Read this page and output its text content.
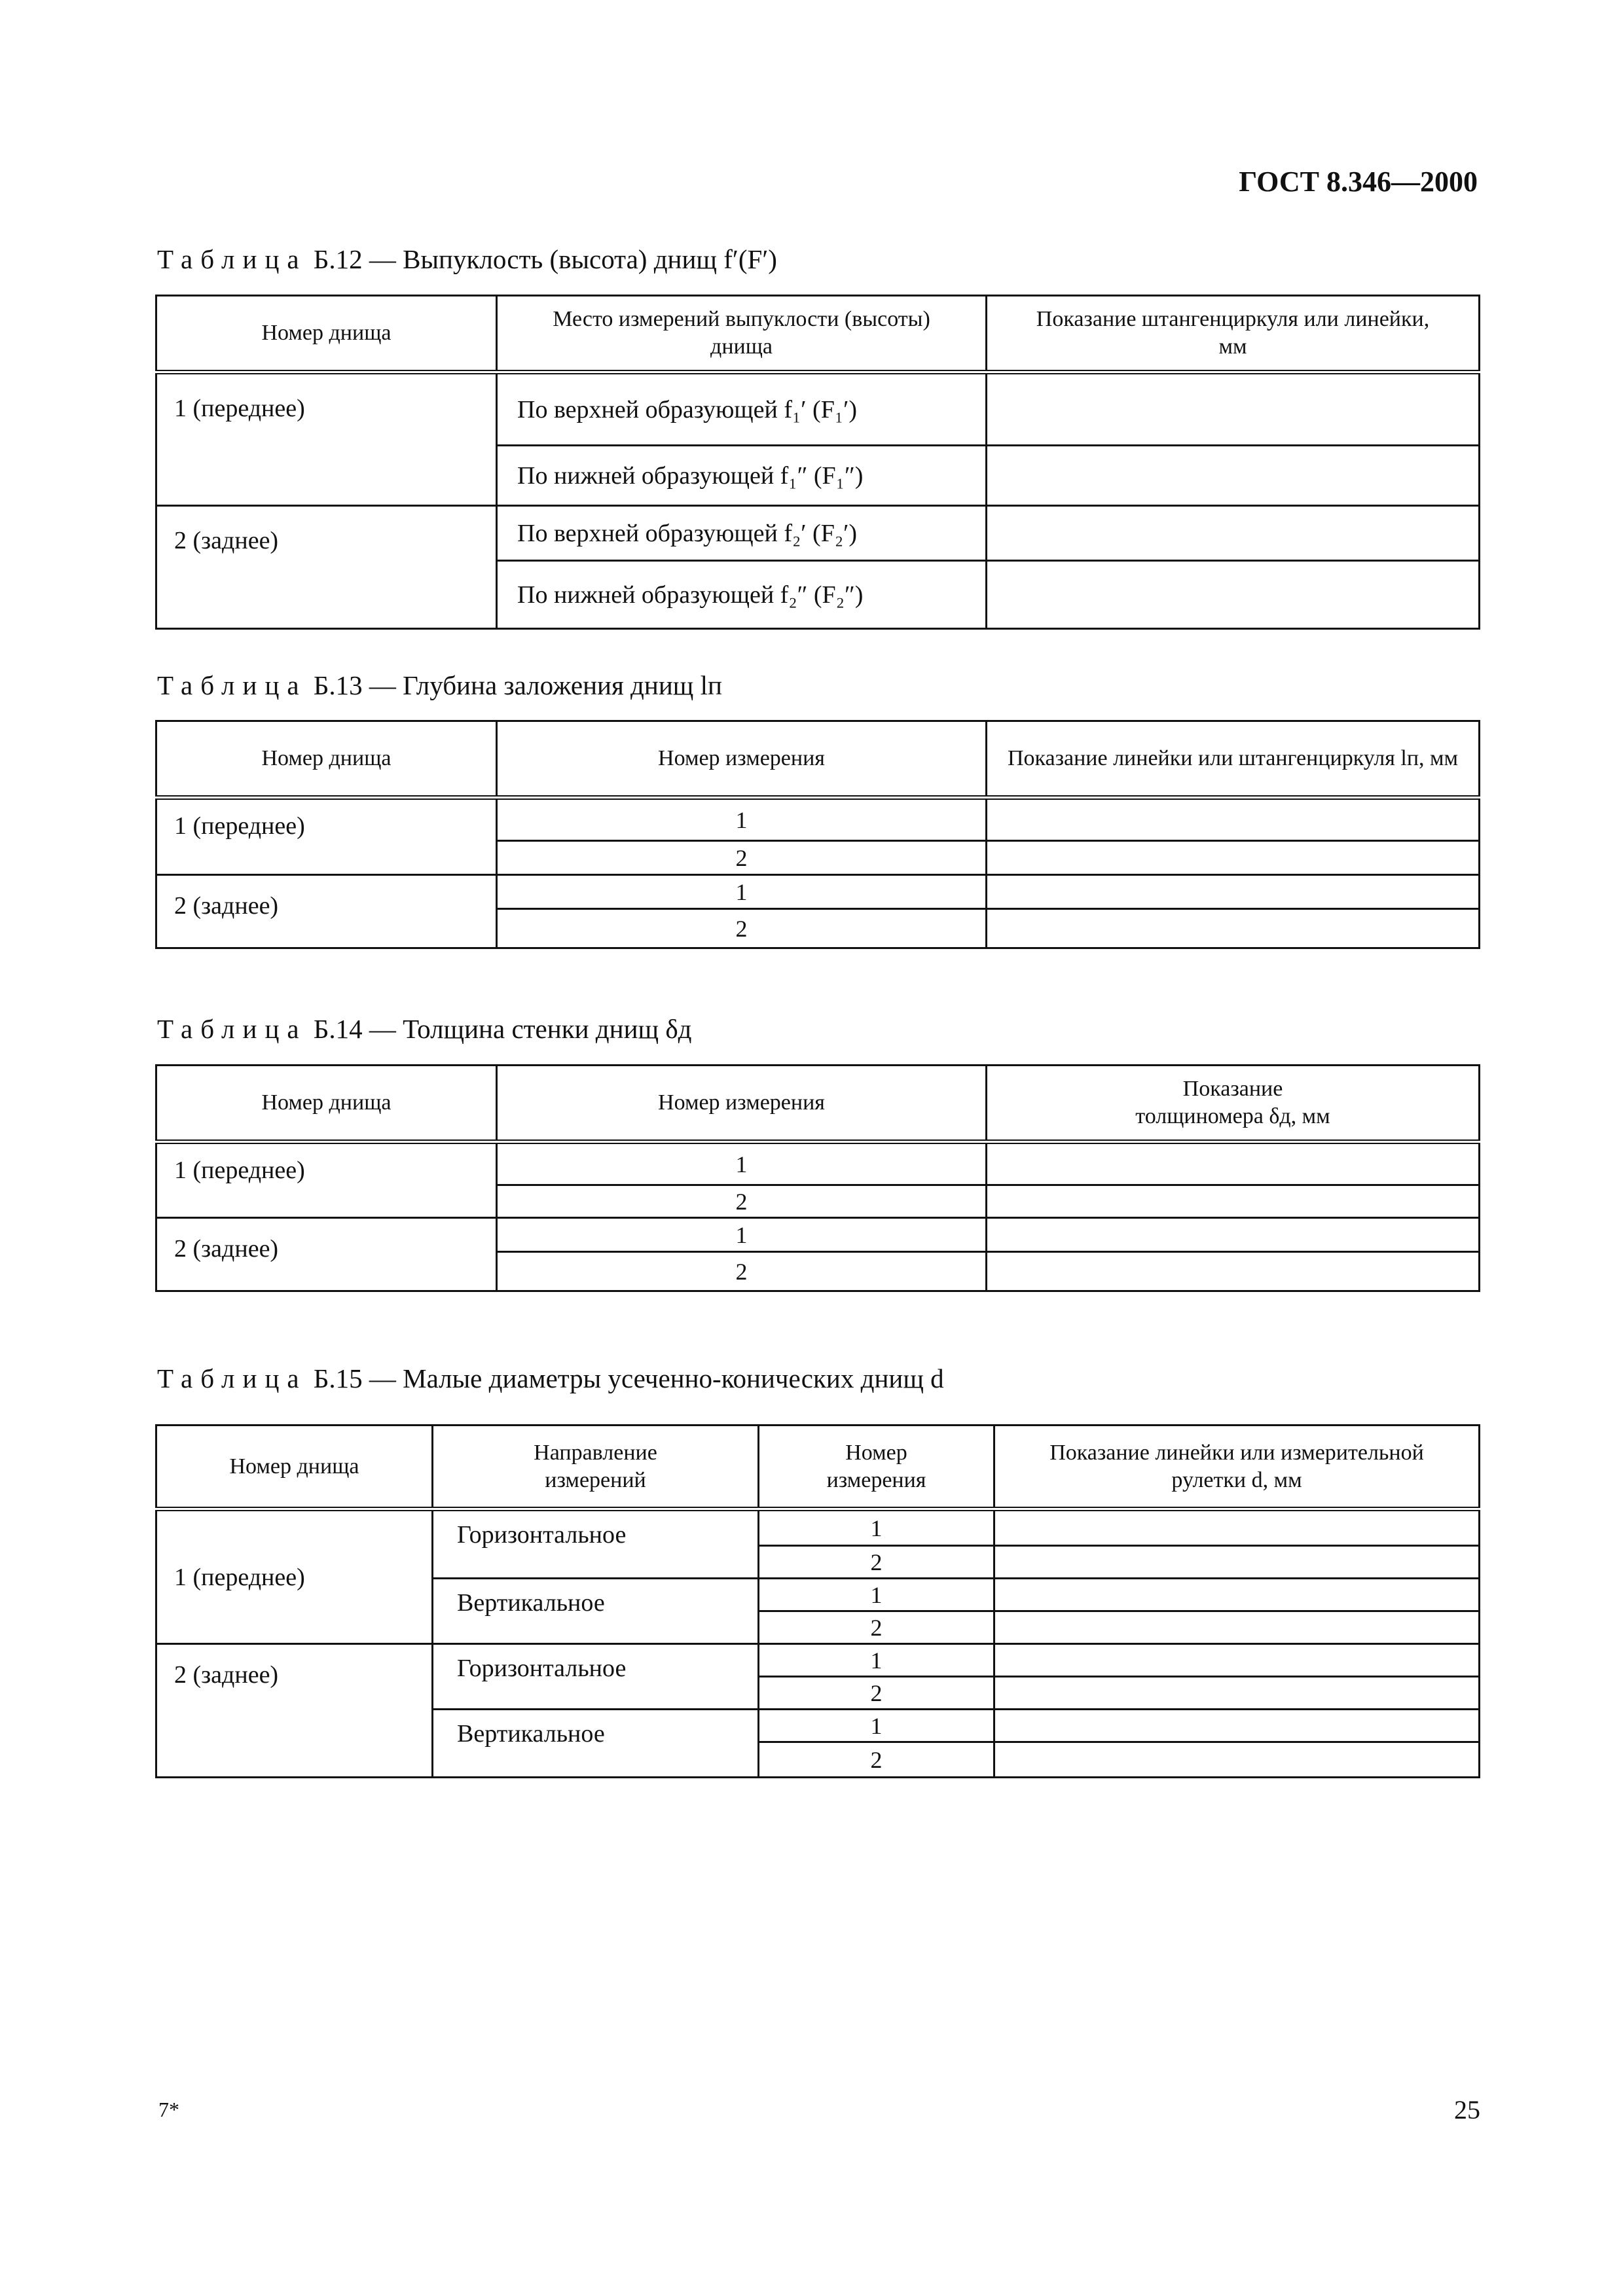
ГОСТ 8.346—2000
Таблица Б.12 — Выпуклость (высота) днищ f′(F′)
Номер днища	Место измерений выпуклости (высоты) днища	Показание штангенциркуля или линейки, мм
1 (переднее)	По верхней образующей f₁′ (F₁′)	
	По нижней образующей f₁″ (F₁″)	
2 (заднее)	По верхней образующей f₂′ (F₂′)	
	По нижней образующей f₂″ (F₂″)	
Таблица Б.13 — Глубина заложения днищ lп
Номер днища	Номер измерения	Показание линейки или штангенциркуля lп, мм
1 (переднее)	1	
	2	
2 (заднее)	1	
	2	
Таблица Б.14 — Толщина стенки днищ δд
Номер днища	Номер измерения	Показание толщиномера δд, мм
1 (переднее)	1	
	2	
2 (заднее)	1	
	2	
Таблица Б.15 — Малые диаметры усеченно-конических днищ d
Номер днища	Направление измерений	Номер измерения	Показание линейки или измерительной рулетки d, мм
1 (переднее)	Горизонтальное	1	
		2	
	Вертикальное	1	
		2	
2 (заднее)	Горизонтальное	1	
		2	
	Вертикальное	1	
		2	
7*	25
